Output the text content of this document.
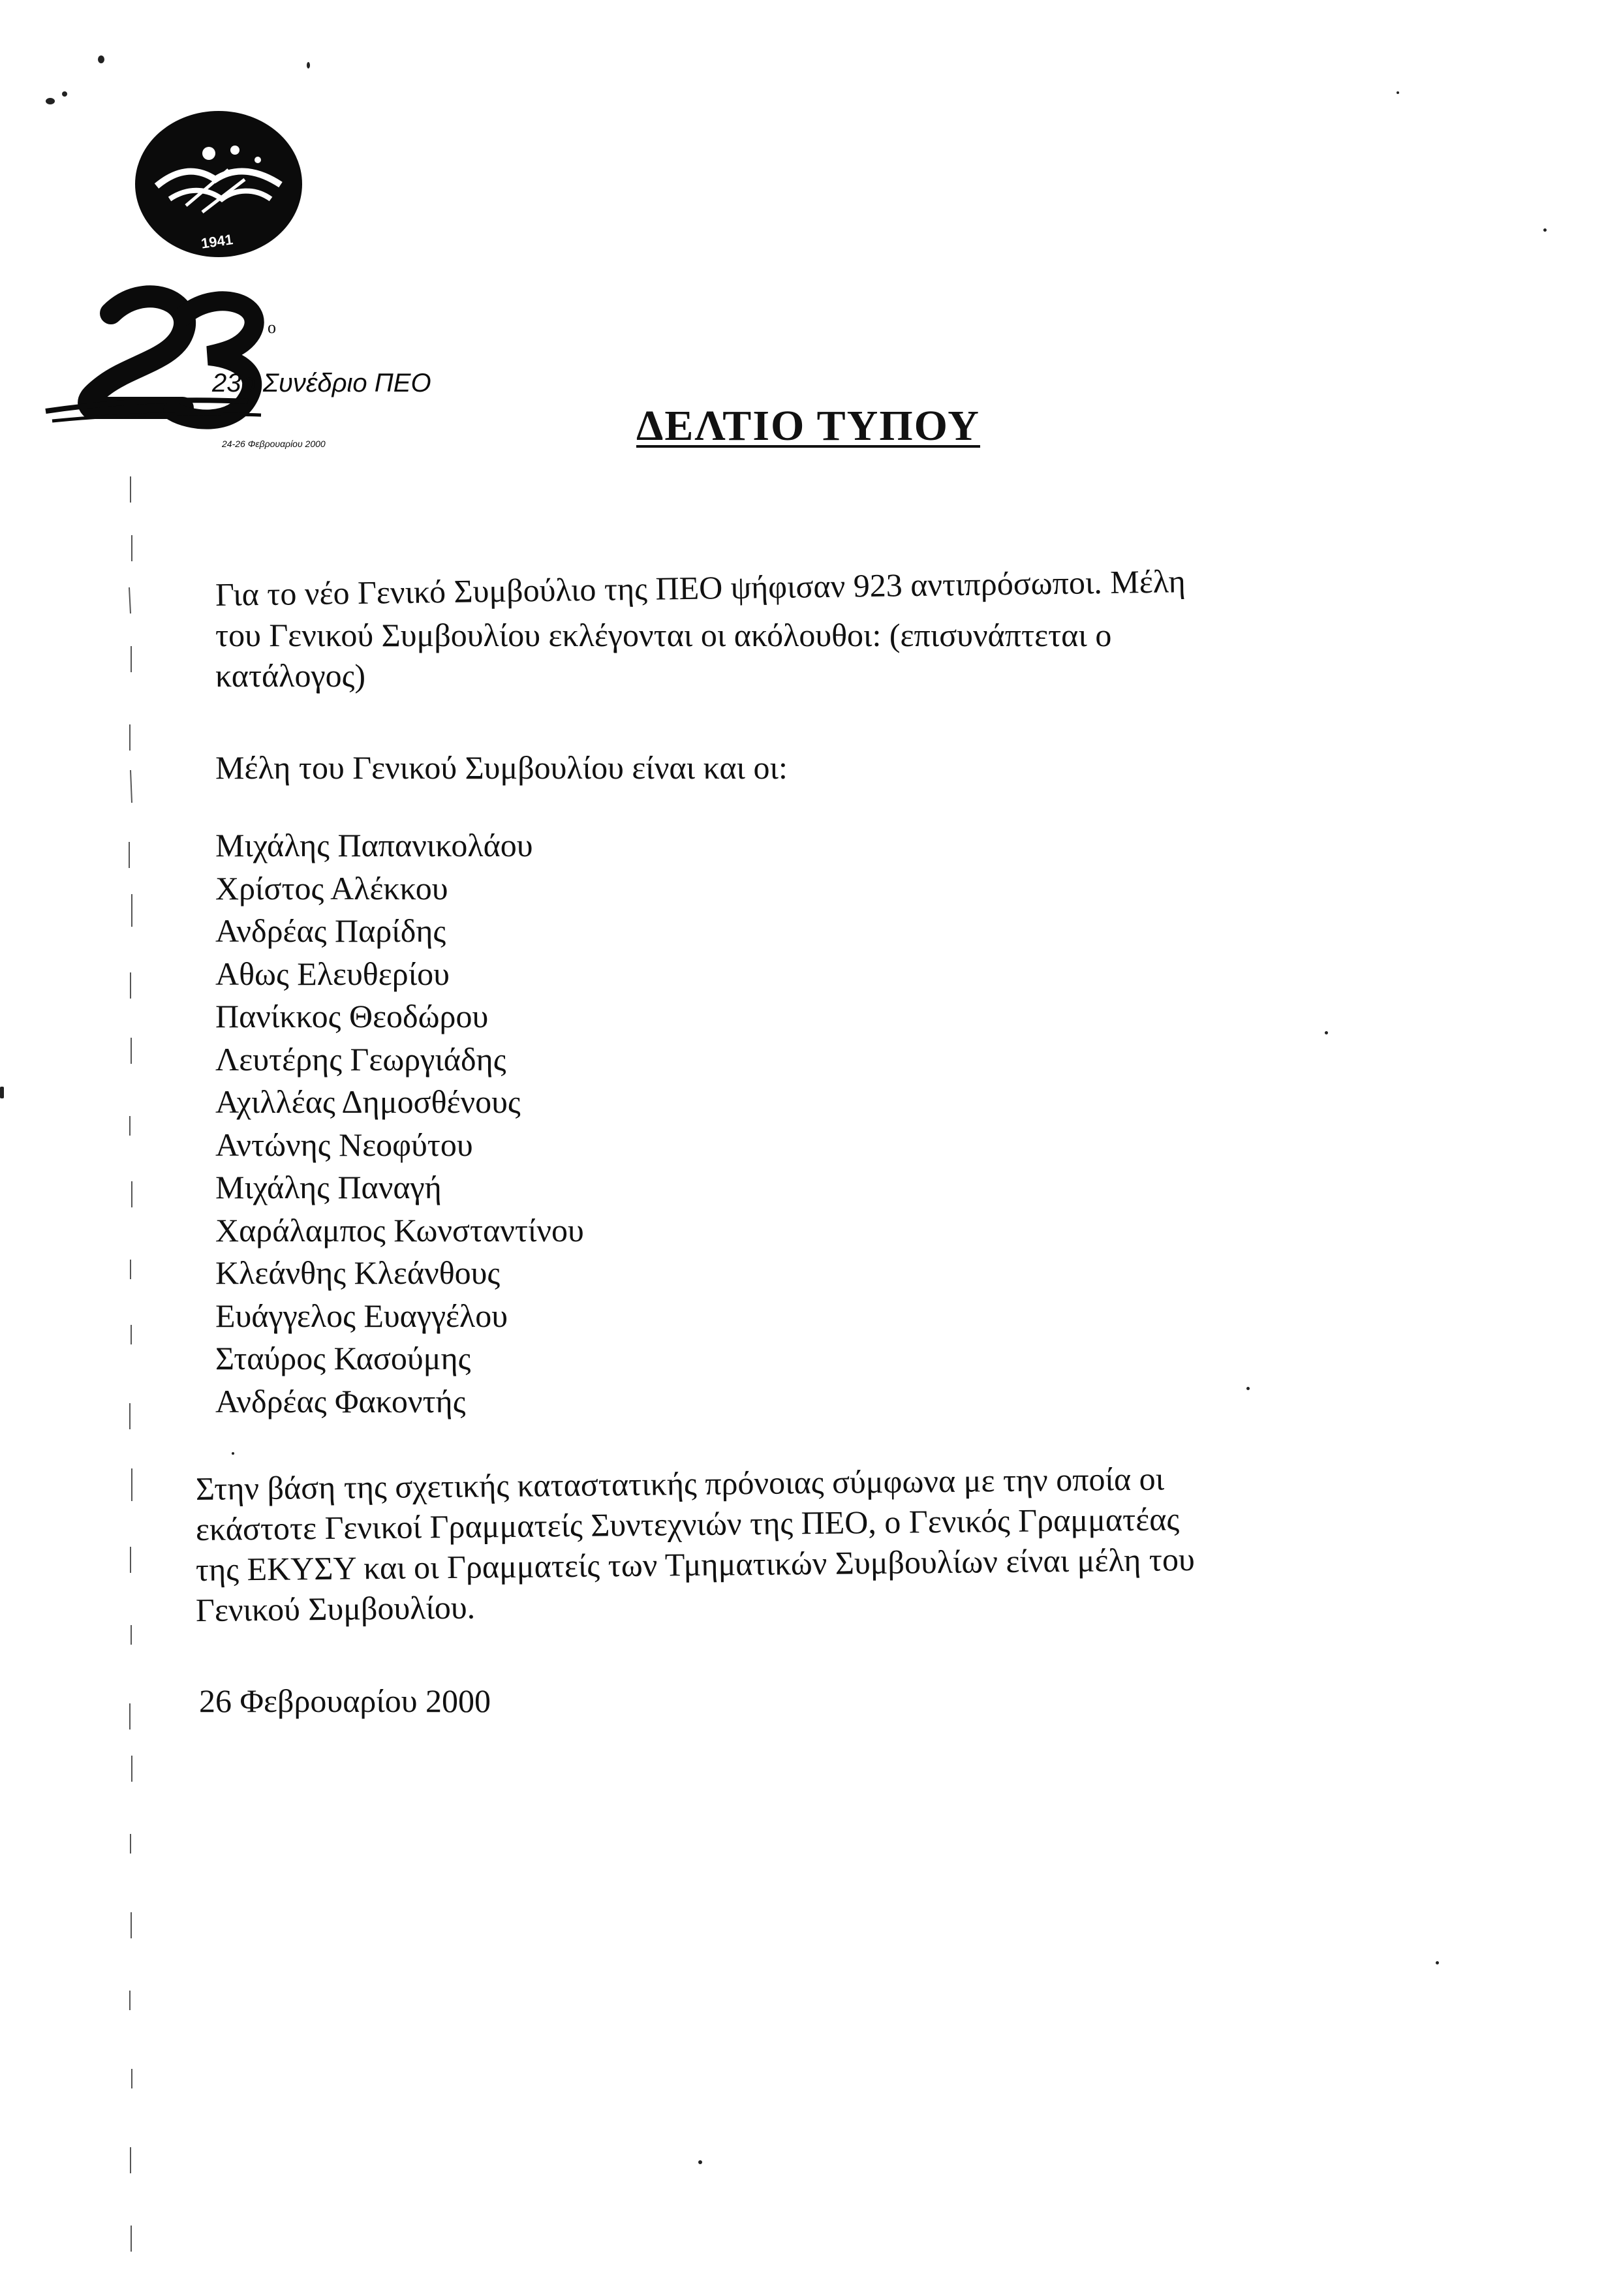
1941
ο
23ο Συνέδριο ΠΕΟ
24-26 Φεβρουαρίου 2000	ΔΕΛΤΙΟ ΤΥΠΟΥ
Για το νέο Γενικό Συμβούλιο της ΠΕΟ ψήφισαν 923 αντιπρόσωποι. Μέλη
του Γενικού Συμβουλίου εκλέγονται οι ακόλουθοι: (επισυνάπτεται ο
κατάλογος)
Μέλη του Γενικού Συμβουλίου είναι και οι:
Μιχάλης Παπανικολάου
Χρίστος Αλέκκου
Ανδρέας Παρίδης
Αθως Ελευθερίου
Πανίκκος Θεοδώρου
Λευτέρης Γεωργιάδης
Αχιλλέας Δημοσθένους
Αντώνης Νεοφύτου
Μιχάλης Παναγή
Χαράλαμπος Κωνσταντίνου
Κλεάνθης Κλεάνθους
Ευάγγελος Ευαγγέλου
Σταύρος Κασούμης
Ανδρέας Φακοντής
Στην βάση της σχετικής καταστατικής πρόνοιας σύμφωνα με την οποία οι
εκάστοτε Γενικοί Γραμματείς Συντεχνιών της ΠΕΟ, ο Γενικός Γραμματέας
της ΕΚΥΣΥ και οι Γραμματείς των Τμηματικών Συμβουλίων είναι μέλη του
Γενικού Συμβουλίου.
26 Φεβρουαρίου 2000
